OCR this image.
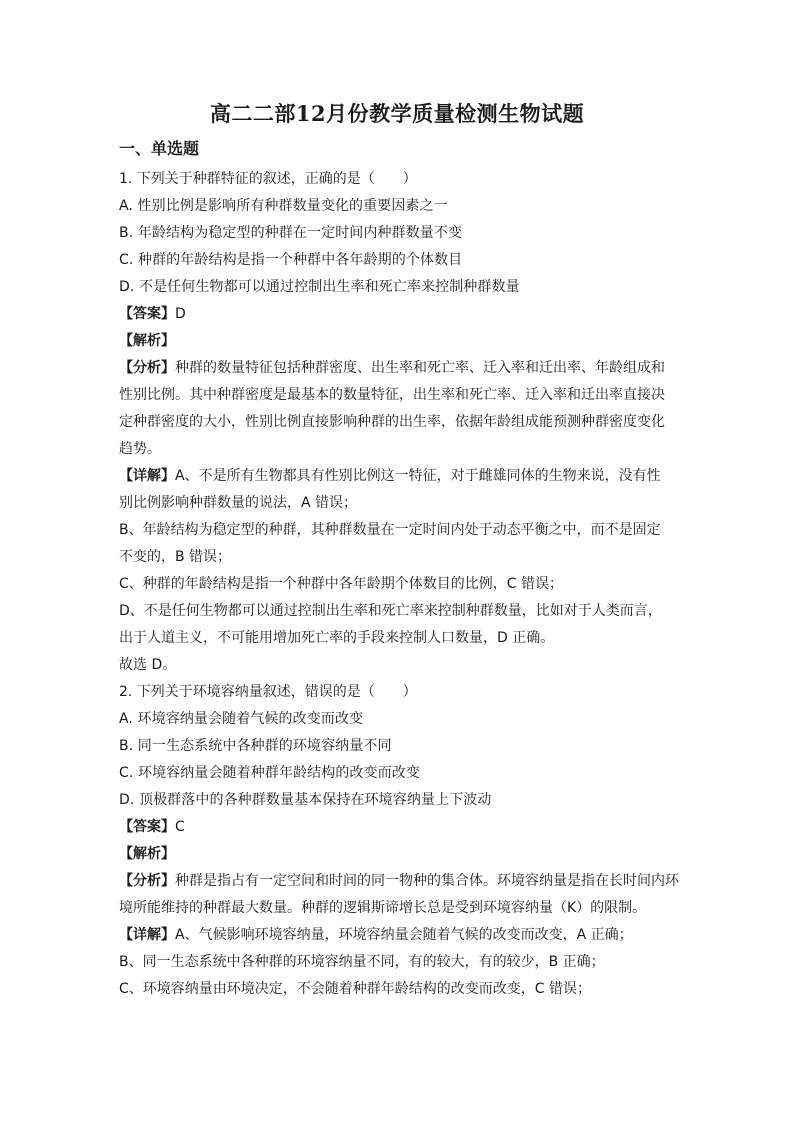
高二二部12月份教学质量检测生物试题
一、单选题
1. 下列关于种群特征的叙述，正确的是（　　）
A. 性别比例是影响所有种群数量变化的重要因素之一
B. 年龄结构为稳定型的种群在一定时间内种群数量不变
C. 种群的年龄结构是指一个种群中各年龄期的个体数目
D. 不是任何生物都可以通过控制出生率和死亡率来控制种群数量
【答案】D
【解析】
【分析】种群的数量特征包括种群密度、出生率和死亡率、迁入率和迁出率、年龄组成和
性别比例。其中种群密度是最基本的数量特征，出生率和死亡率、迁入率和迁出率直接决
定种群密度的大小，性别比例直接影响种群的出生率，依据年龄组成能预测种群密度变化
趋势。
【详解】A、不是所有生物都具有性别比例这一特征，对于雌雄同体的生物来说，没有性
别比例影响种群数量的说法，A 错误；
B、年龄结构为稳定型的种群，其种群数量在一定时间内处于动态平衡之中，而不是固定
不变的，B 错误；
C、种群的年龄结构是指一个种群中各年龄期个体数目的比例，C 错误；
D、不是任何生物都可以通过控制出生率和死亡率来控制种群数量，比如对于人类而言，
出于人道主义，不可能用增加死亡率的手段来控制人口数量，D 正确。
故选 D。
2. 下列关于环境容纳量叙述，错误的是（　　）
A. 环境容纳量会随着气候的改变而改变
B. 同一生态系统中各种群的环境容纳量不同
C. 环境容纳量会随着种群年龄结构的改变而改变
D. 顶极群落中的各种群数量基本保持在环境容纳量上下波动
【答案】C
【解析】
【分析】种群是指占有一定空间和时间的同一物种的集合体。环境容纳量是指在长时间内环
境所能维持的种群最大数量。种群的逻辑斯谛增长总是受到环境容纳量（K）的限制。
【详解】A、气候影响环境容纳量，环境容纳量会随着气候的改变而改变，A 正确；
B、同一生态系统中各种群的环境容纳量不同，有的较大，有的较少，B 正确；
C、环境容纳量由环境决定，不会随着种群年龄结构的改变而改变，C 错误；
